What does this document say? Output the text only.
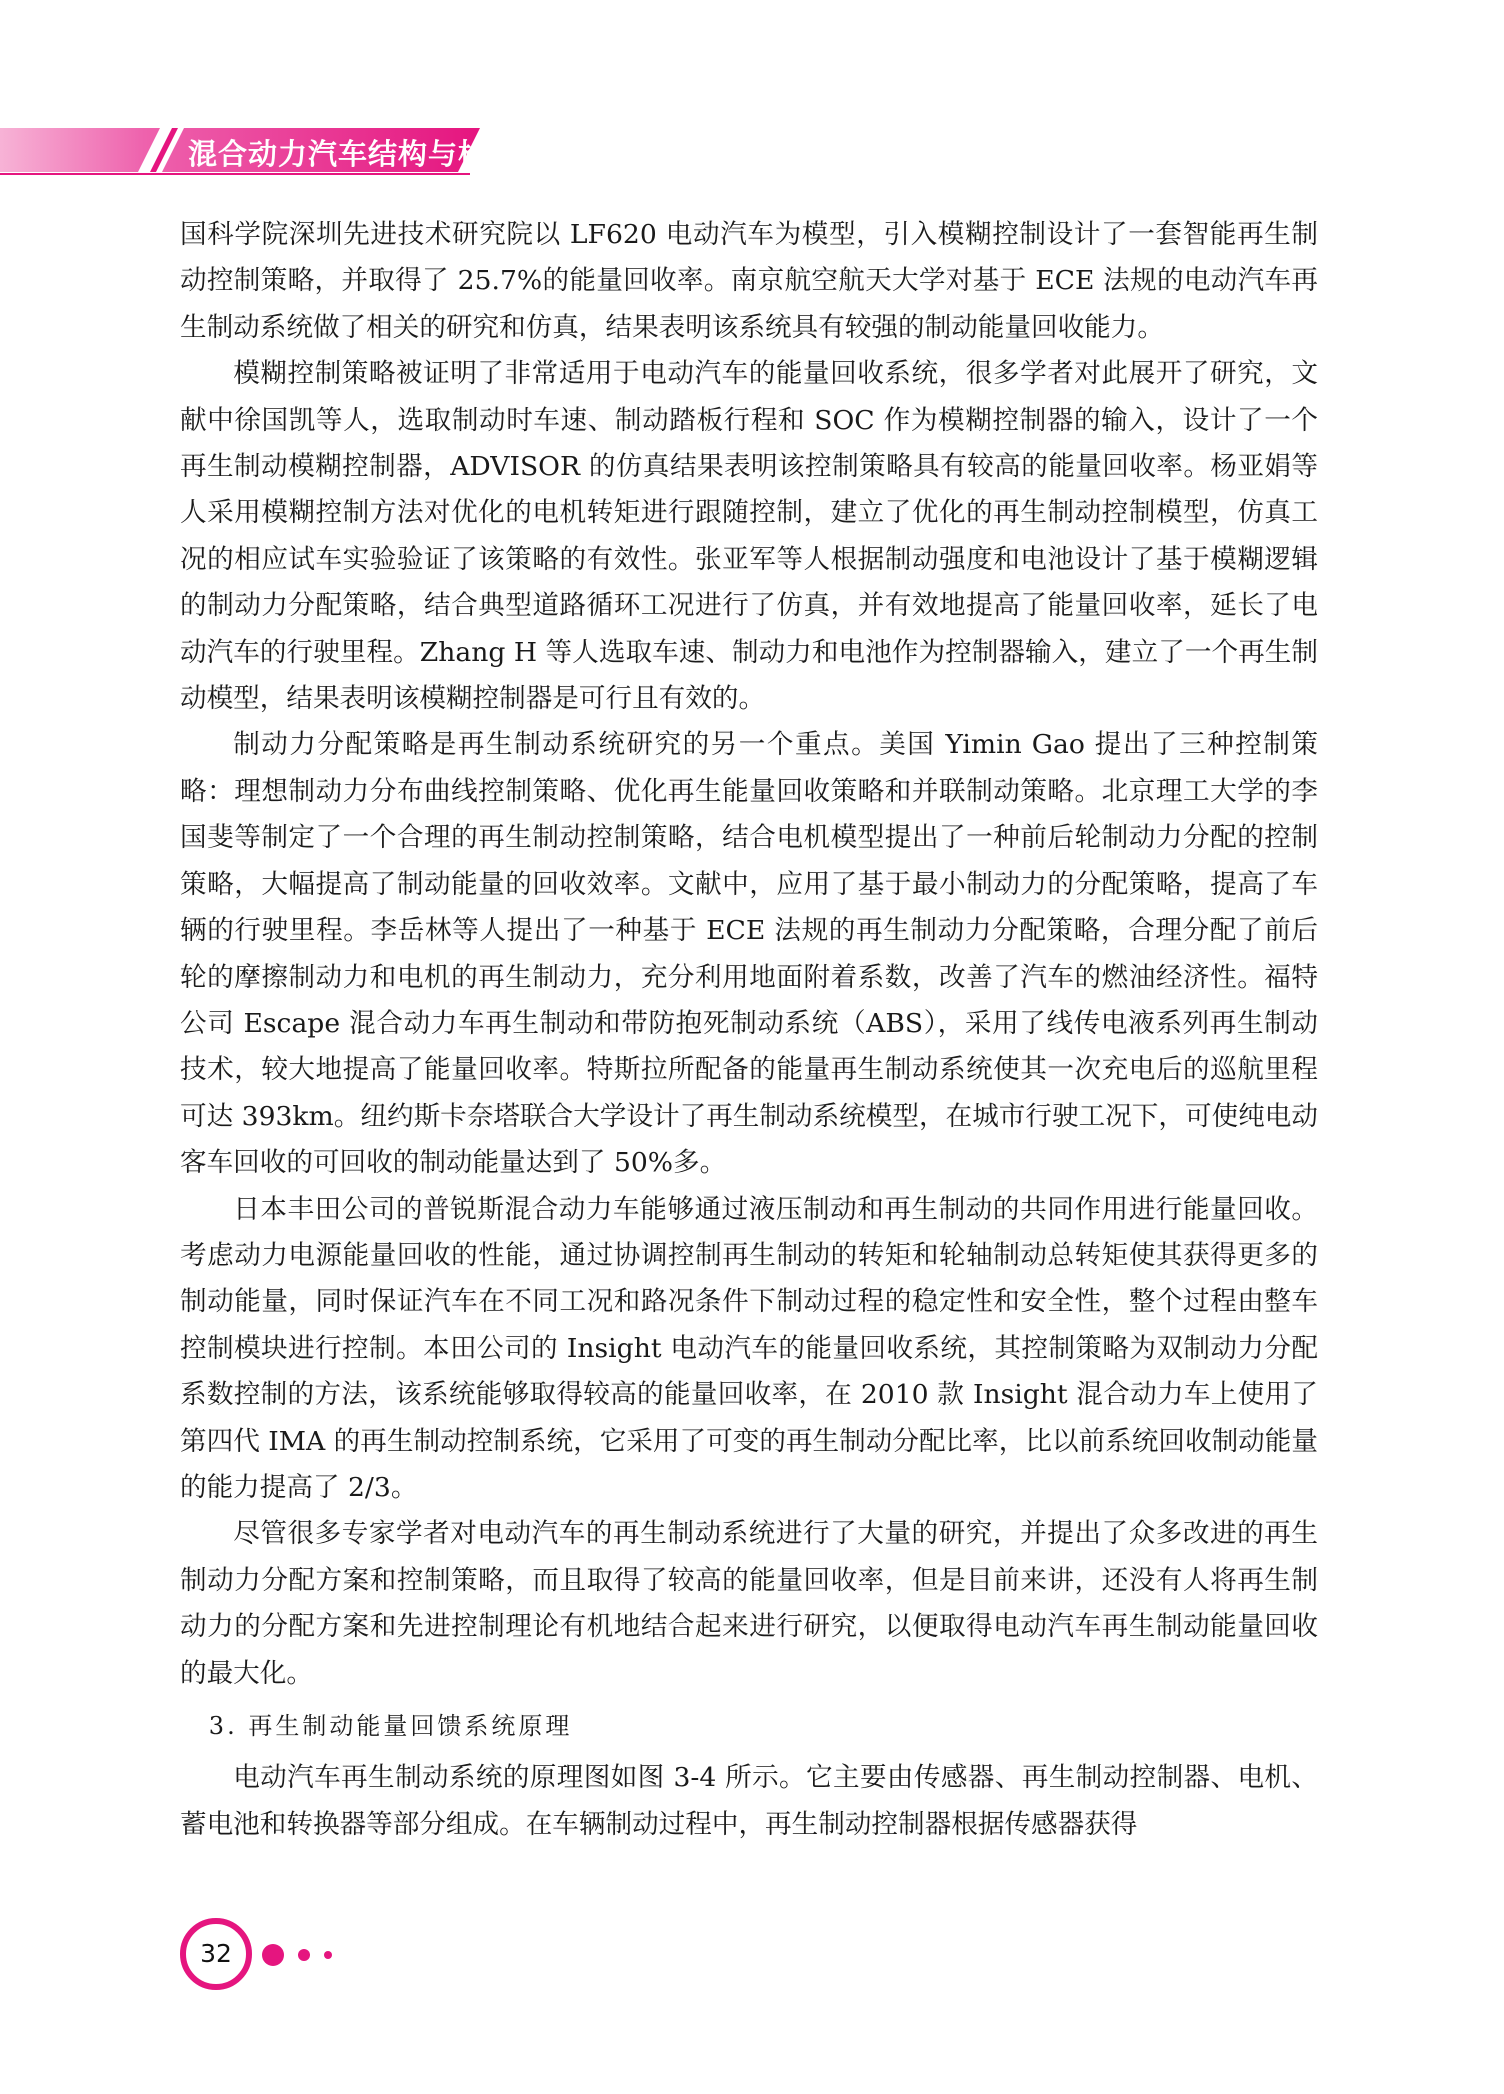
混合动力汽车结构与检修

国科学院深圳先进技术研究院以 LF620 电动汽车为模型，引入模糊控制设计了一套智能再生制动控制策略，并取得了 25.7%的能量回收率。南京航空航天大学对基于 ECE 法规的电动汽车再生制动系统做了相关的研究和仿真，结果表明该系统具有较强的制动能量回收能力。

模糊控制策略被证明了非常适用于电动汽车的能量回收系统，很多学者对此展开了研究，文献中徐国凯等人，选取制动时车速、制动踏板行程和 SOC 作为模糊控制器的输入，设计了一个再生制动模糊控制器，ADVISOR 的仿真结果表明该控制策略具有较高的能量回收率。杨亚娟等人采用模糊控制方法对优化的电机转矩进行跟随控制，建立了优化的再生制动控制模型，仿真工况的相应试车实验验证了该策略的有效性。张亚军等人根据制动强度和电池设计了基于模糊逻辑的制动力分配策略，结合典型道路循环工况进行了仿真，并有效地提高了能量回收率，延长了电动汽车的行驶里程。Zhang H 等人选取车速、制动力和电池作为控制器输入，建立了一个再生制动模型，结果表明该模糊控制器是可行且有效的。

制动力分配策略是再生制动系统研究的另一个重点。美国 Yimin Gao 提出了三种控制策略：理想制动力分布曲线控制策略、优化再生能量回收策略和并联制动策略。北京理工大学的李国斐等制定了一个合理的再生制动控制策略，结合电机模型提出了一种前后轮制动力分配的控制策略，大幅提高了制动能量的回收效率。文献中，应用了基于最小制动力的分配策略，提高了车辆的行驶里程。李岳林等人提出了一种基于 ECE 法规的再生制动力分配策略，合理分配了前后轮的摩擦制动力和电机的再生制动力，充分利用地面附着系数，改善了汽车的燃油经济性。福特公司 Escape 混合动力车再生制动和带防抱死制动系统（ABS），采用了线传电液系列再生制动技术，较大地提高了能量回收率。特斯拉所配备的能量再生制动系统使其一次充电后的巡航里程可达 393km。纽约斯卡奈塔联合大学设计了再生制动系统模型，在城市行驶工况下，可使纯电动客车回收的可回收的制动能量达到了 50%多。

日本丰田公司的普锐斯混合动力车能够通过液压制动和再生制动的共同作用进行能量回收。考虑动力电源能量回收的性能，通过协调控制再生制动的转矩和轮轴制动总转矩使其获得更多的制动能量，同时保证汽车在不同工况和路况条件下制动过程的稳定性和安全性，整个过程由整车控制模块进行控制。本田公司的 Insight 电动汽车的能量回收系统，其控制策略为双制动力分配系数控制的方法，该系统能够取得较高的能量回收率，在 2010 款 Insight 混合动力车上使用了第四代 IMA 的再生制动控制系统，它采用了可变的再生制动分配比率，比以前系统回收制动能量的能力提高了 2/3。

尽管很多专家学者对电动汽车的再生制动系统进行了大量的研究，并提出了众多改进的再生制动力分配方案和控制策略，而且取得了较高的能量回收率，但是目前来讲，还没有人将再生制动力的分配方案和先进控制理论有机地结合起来进行研究，以便取得电动汽车再生制动能量回收的最大化。

3. 再生制动能量回馈系统原理

电动汽车再生制动系统的原理图如图 3-4 所示。它主要由传感器、再生制动控制器、电机、蓄电池和转换器等部分组成。在车辆制动过程中，再生制动控制器根据传感器获得

32
